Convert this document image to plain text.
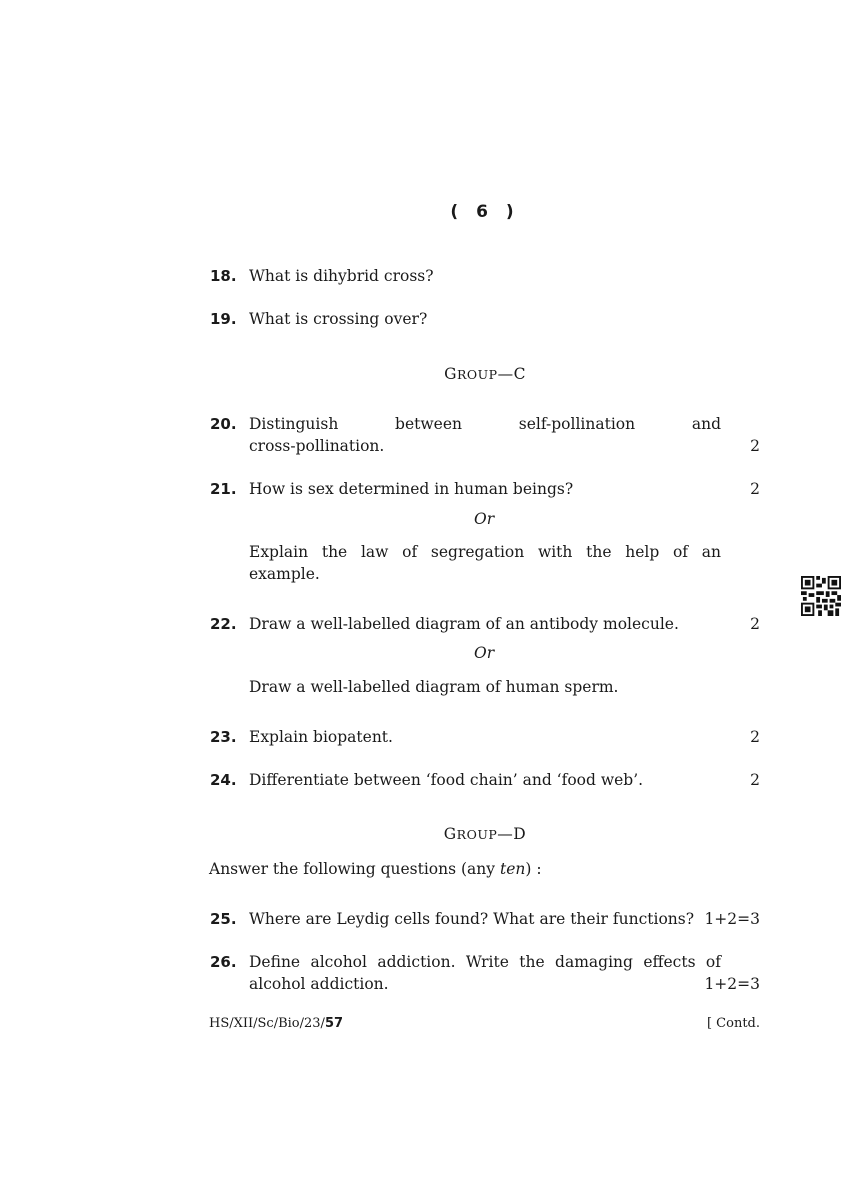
( 6 )
18. What is dihybrid cross?
19. What is crossing over?
GROUP—C
20. Distinguish between self-pollination and
cross-pollination.	2
21. How is sex determined in human beings?	2
Or
Explain the law of segregation with the help of an
example.
22. Draw a well-labelled diagram of an antibody molecule.	2
Or
Draw a well-labelled diagram of human sperm.
23. Explain biopatent.	2
24. Differentiate between ‘food chain’ and ‘food web’.	2
GROUP—D
Answer the following questions (any ten) :
25. Where are Leydig cells found? What are their functions? 1+2=3
26. Define alcohol addiction. Write the damaging effects of
alcohol addiction.	1+2=3
HS/XII/Sc/Bio/23/57	[ Contd.
